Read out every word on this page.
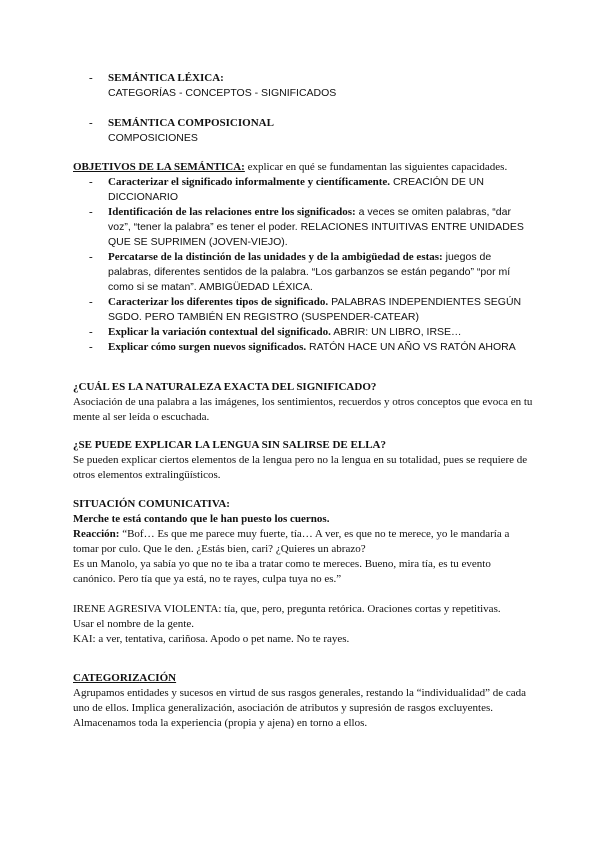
- SEMÁNTICA LÉXICA:
CATEGORÍAS - CONCEPTOS - SIGNIFICADOS
- SEMÁNTICA COMPOSICIONAL
COMPOSICIONES

OBJETIVOS DE LA SEMÁNTICA: explicar en qué se fundamentan las siguientes capacidades.

- Caracterizar el significado informalmente y científicamente. CREACIÓN DE UN DICCIONARIO
- Identificación de las relaciones entre los significados: a veces se omiten palabras, “dar voz”, “tener la palabra” es tener el poder. RELACIONES INTUITIVAS ENTRE UNIDADES QUE SE SUPRIMEN (JOVEN-VIEJO).
- Percatarse de la distinción de las unidades y de la ambigüedad de estas: juegos de palabras, diferentes sentidos de la palabra. “Los garbanzos se están pegando” “por mí como si se matan”. AMBIGÜEDAD LÉXICA.
- Caracterizar los diferentes tipos de significado. PALABRAS INDEPENDIENTES SEGÚN SGDO. PERO TAMBIÉN EN REGISTRO (SUSPENDER-CATEAR)
- Explicar la variación contextual del significado. ABRIR: UN LIBRO, IRSE…
- Explicar cómo surgen nuevos significados. RATÓN HACE UN AÑO VS RATÓN AHORA

¿CUÁL ES LA NATURALEZA EXACTA DEL SIGNIFICADO?

Asociación de una palabra a las imágenes, los sentimientos, recuerdos y otros conceptos que evoca en tu mente al ser leída o escuchada.

¿SE PUEDE EXPLICAR LA LENGUA SIN SALIRSE DE ELLA?

Se pueden explicar ciertos elementos de la lengua pero no la lengua en su totalidad, pues se requiere de otros elementos extralingüísticos.

SITUACIÓN COMUNICATIVA:

Merche te está contando que le han puesto los cuernos.

Reacción: “Bof… Es que me parece muy fuerte, tía… A ver, es que no te merece, yo le mandaría a tomar por culo. Que le den. ¿Estás bien, cari? ¿Quieres un abrazo?

Es un Manolo, ya sabía yo que no te iba a tratar como te mereces. Bueno, mira tía, es tu evento canónico. Pero tía que ya está, no te rayes, culpa tuya no es.”

IRENE AGRESIVA VIOLENTA: tía, que, pero, pregunta retórica. Oraciones cortas y repetitivas.

Usar el nombre de la gente.

KAI: a ver, tentativa, cariñosa. Apodo o pet name. No te rayes.

CATEGORIZACIÓN

Agrupamos entidades y sucesos en virtud de sus rasgos generales, restando la “individualidad” de cada uno de ellos. Implica generalización, asociación de atributos y supresión de rasgos excluyentes.

Almacenamos toda la experiencia (propia y ajena) en torno a ellos.
